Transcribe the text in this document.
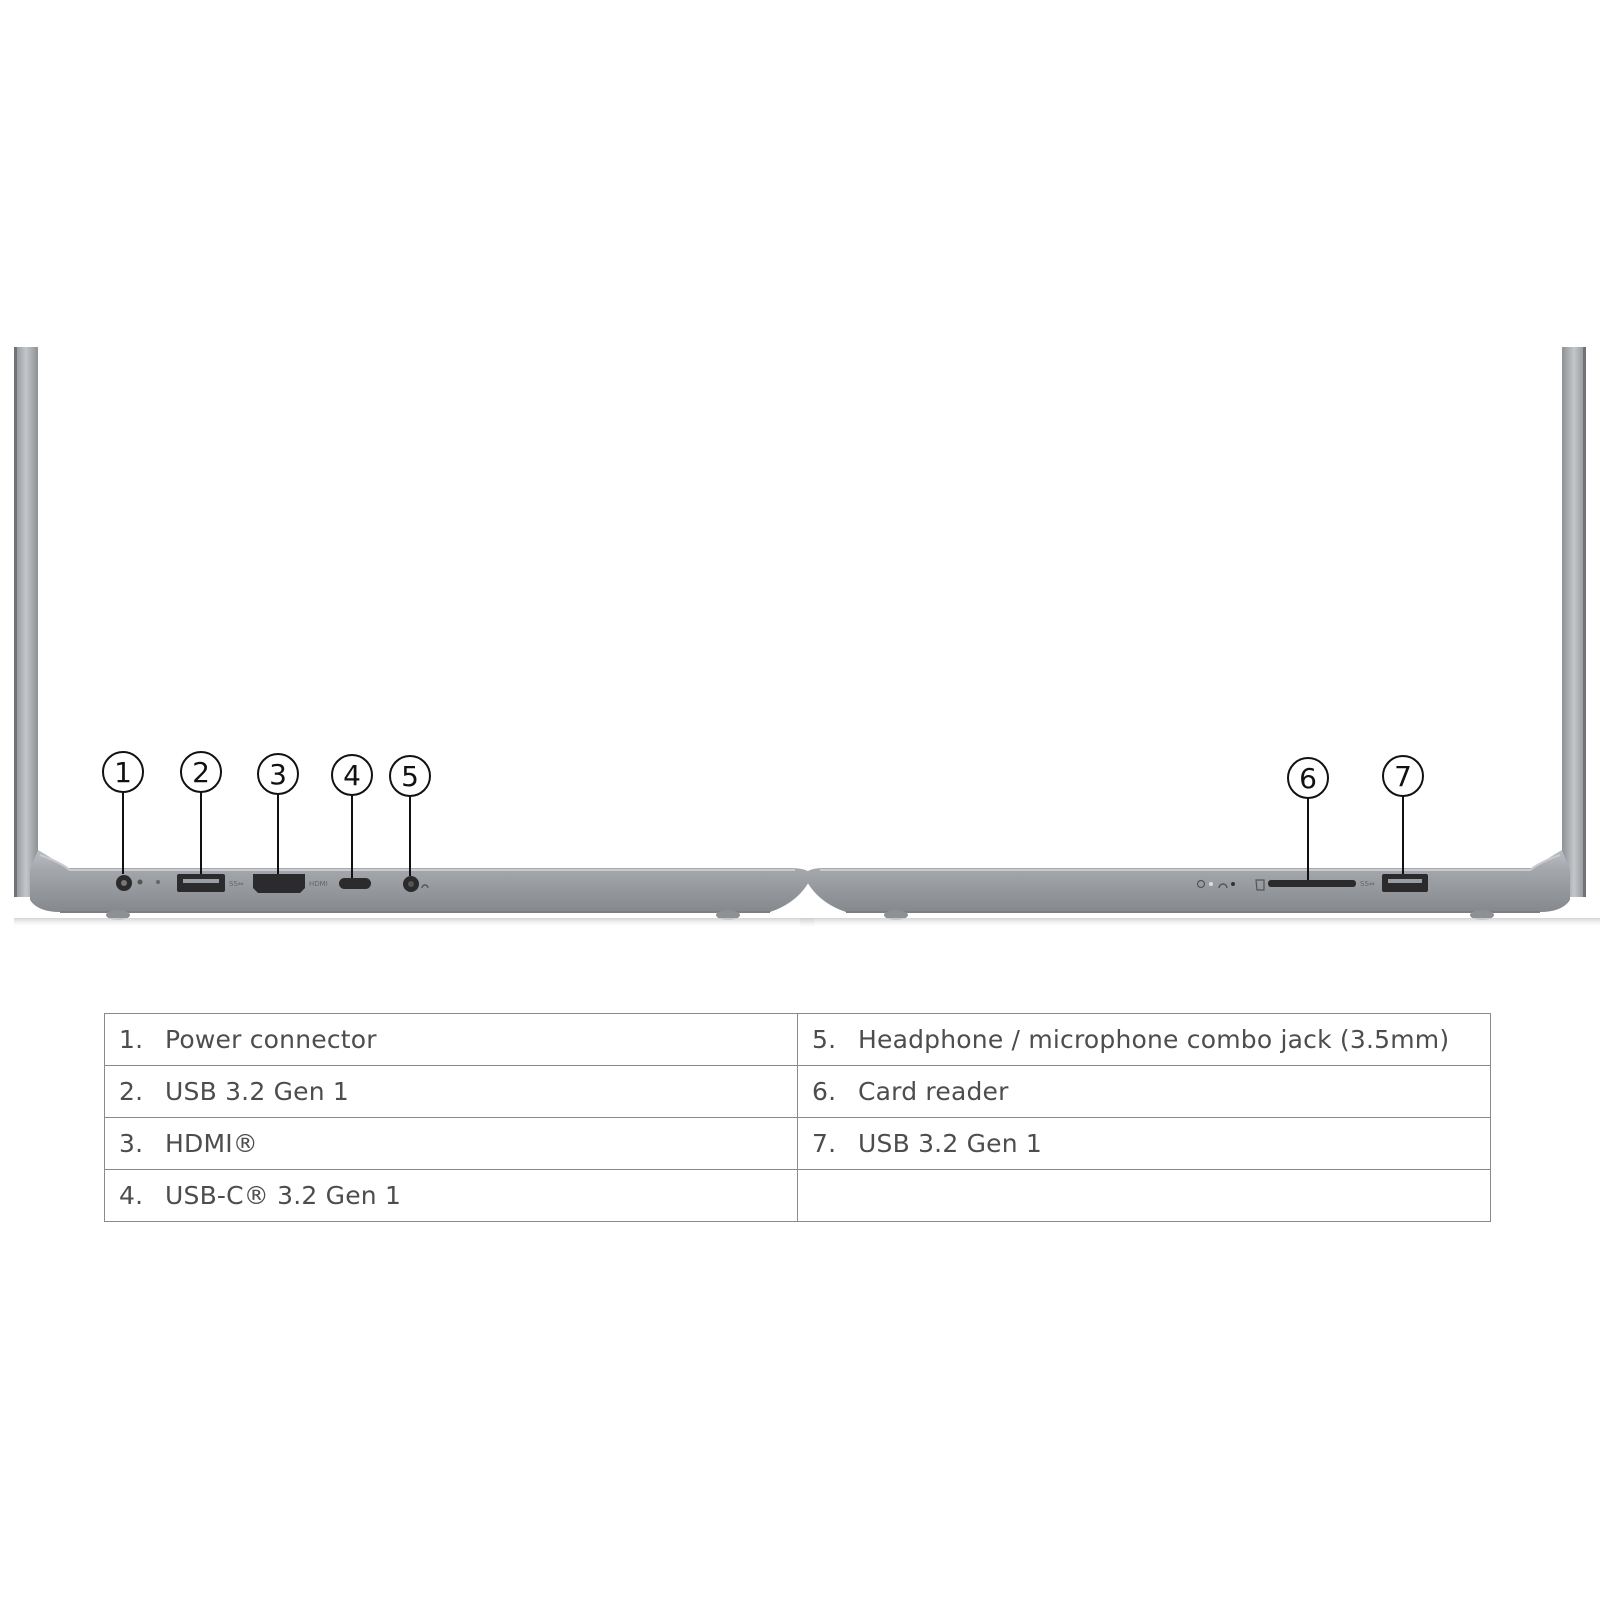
SS⇔	HDMI	SS⇔
1 2 3 4 5	6	7
1. Power connector	5. Headphone / microphone combo jack (3.5mm)
2. USB 3.2 Gen 1	6. Card reader
3. HDMI®	7. USB 3.2 Gen 1
4. USB-C® 3.2 Gen 1	
